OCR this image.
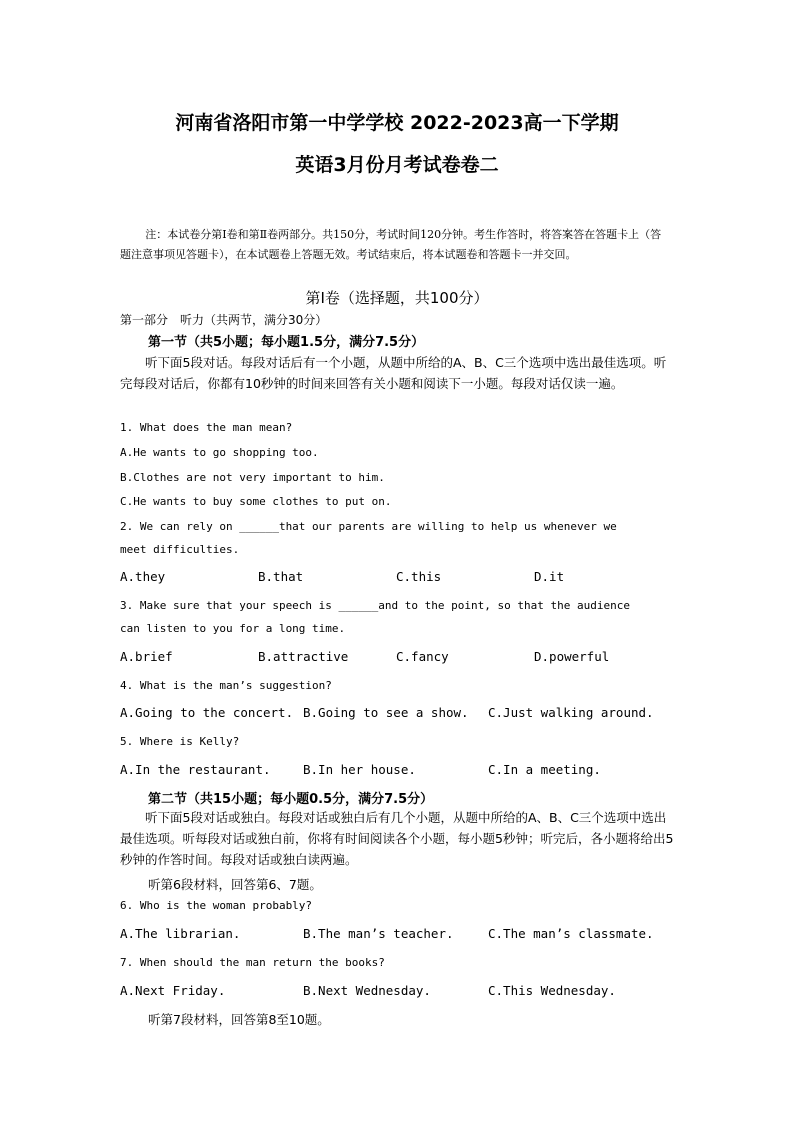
河南省洛阳市第一中学学校 2022-2023高一下学期
英语3月份月考试卷卷二
注：本试卷分第Ⅰ卷和第Ⅱ卷两部分。共150分，考试时间120分钟。考生作答时，将答案答在答题卡上（答题注意事项见答题卡），在本试题卷上答题无效。考试结束后，将本试题卷和答题卡一并交回。
第Ⅰ卷（选择题，共100分）
第一部分　听力（共两节，满分30分）
第一节（共5小题；每小题1.5分，满分7.5分）
听下面5段对话。每段对话后有一个小题，从题中所给的A、B、C三个选项中选出最佳选项。听完每段对话后，你都有10秒钟的时间来回答有关小题和阅读下一小题。每段对话仅读一遍。
1. What does the man mean?
A.He wants to go shopping too.
B.Clothes are not very important to him.
C.He wants to buy some clothes to put on.
2. We can rely on ______that our parents are willing to help us whenever we
meet difficulties.
A.they	B.that	C.this	D.it
3. Make sure that your speech is ______and to the point, so that the audience
can listen to you for a long time.
A.brief	B.attractive	C.fancy	D.powerful
4. What is the man’s suggestion?
A.Going to the concert. B.Going to see a show. C.Just walking around.
5. Where is Kelly?
A.In the restaurant.	B.In her house.	C.In a meeting.
第二节（共15小题；每小题0.5分，满分7.5分）
听下面5段对话或独白。每段对话或独白后有几个小题，从题中所给的A、B、C三个选项中选出最佳选项。听每段对话或独白前，你将有时间阅读各个小题，每小题5秒钟；听完后，各小题将给出5秒钟的作答时间。每段对话或独白读两遍。
听第6段材料，回答第6、7题。
6. Who is the woman probably?
A.The librarian.	B.The man’s teacher.	C.The man’s classmate.
7. When should the man return the books?
A.Next Friday.	B.Next Wednesday.	C.This Wednesday.
听第7段材料，回答第8至10题。
